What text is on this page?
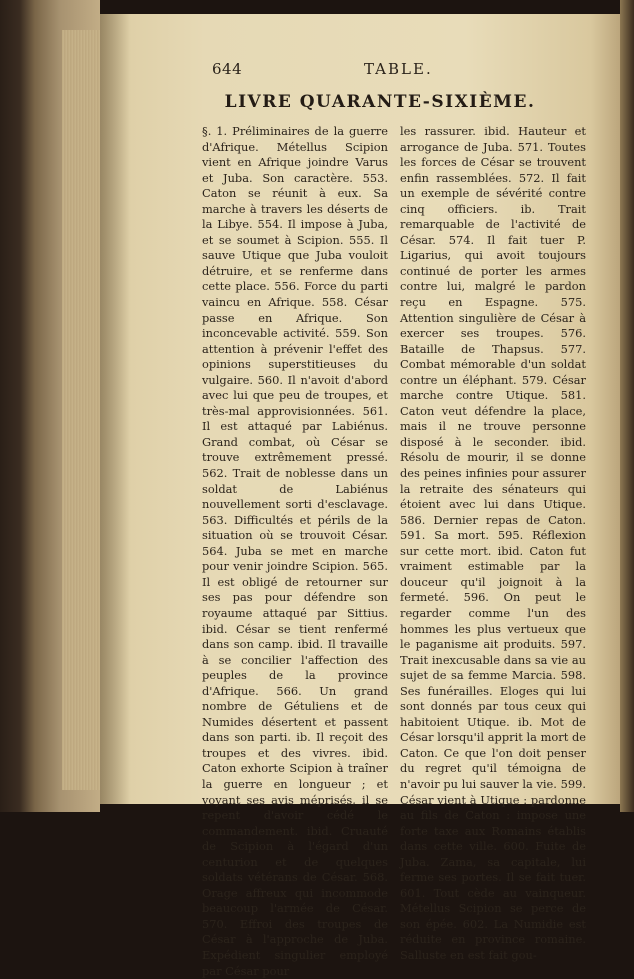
644	TABLE.
LIVRE QUARANTE-SIXIÈME.
§. 1. Préliminaires de la guerre d'Afrique. Métellus Scipion vient en Afrique joindre Varus et Juba. Son caractère. 553. Caton se réunit à eux. Sa marche à travers les déserts de la Libye. 554. Il impose à Juba, et se soumet à Scipion. 555. Il sauve Utique que Juba vouloit détruire, et se renferme dans cette place. 556. Force du parti vaincu en Afrique. 558. César passe en Afrique. Son inconcevable activité. 559. Son attention à prévenir l'effet des opinions superstitieuses du vulgaire. 560. Il n'avoit d'abord avec lui que peu de troupes, et très-mal approvisionnées. 561. Il est attaqué par Labiénus. Grand combat, où César se trouve extrêmement pressé. 562. Trait de noblesse dans un soldat de Labiénus nouvellement sorti d'esclavage. 563. Difficultés et périls de la situation où se trouvoit César. 564. Juba se met en marche pour venir joindre Scipion. 565. Il est obligé de retourner sur ses pas pour défendre son royaume attaqué par Sittius. ibid. César se tient renfermé dans son camp. ibid. Il travaille à se concilier l'affection des peuples de la province d'Afrique. 566. Un grand nombre de Gétuliens et de Numides désertent et passent dans son parti. ib. Il reçoit des troupes et des vivres. ibid. Caton exhorte Scipion à traîner la guerre en longueur ; et voyant ses avis méprisés, il se repent d'avoir cédé le commandement. ibid. Cruauté de Scipion à l'égard d'un centurion et de quelques soldats vétérans de César. 568. Orage affreux qui incommode beaucoup l'armée de César. 570. Effroi des troupes de César à l'approche de Juba. Expédient singulier employé par César pour
les rassurer. ibid. Hauteur et arrogance de Juba. 571. Toutes les forces de César se trouvent enfin rassemblées. 572. Il fait un exemple de sévérité contre cinq officiers. ib. Trait remarquable de l'activité de César. 574. Il fait tuer P. Ligarius, qui avoit toujours continué de porter les armes contre lui, malgré le pardon reçu en Espagne. 575. Attention singulière de César à exercer ses troupes. 576. Bataille de Thapsus. 577. Combat mémorable d'un soldat contre un éléphant. 579. César marche contre Utique. 581. Caton veut défendre la place, mais il ne trouve personne disposé à le seconder. ibid. Résolu de mourir, il se donne des peines infinies pour assurer la retraite des sénateurs qui étoient avec lui dans Utique. 586. Dernier repas de Caton. 591. Sa mort. 595. Réflexion sur cette mort. ibid. Caton fut vraiment estimable par la douceur qu'il joignoit à la fermeté. 596. On peut le regarder comme l'un des hommes les plus vertueux que le paganisme ait produits. 597. Trait inexcusable dans sa vie au sujet de sa femme Marcia. 598. Ses funérailles. Eloges qui lui sont donnés par tous ceux qui habitoient Utique. ib. Mot de César lorsqu'il apprit la mort de Caton. Ce que l'on doit penser du regret qu'il témoigna de n'avoir pu lui sauver la vie. 599. César vient à Utique : pardonne au fils de Caton : impose une forte taxe aux Romains établis dans cette ville. 600. Fuite de Juba. Zama, sa capitale, lui ferme ses portes. Il se fait tuer. 601. Tout cède au vainqueur. Métellus Scipion se perce de son épée. 602. La Numidie est réduite en province romaine. Salluste en est fait gou-
